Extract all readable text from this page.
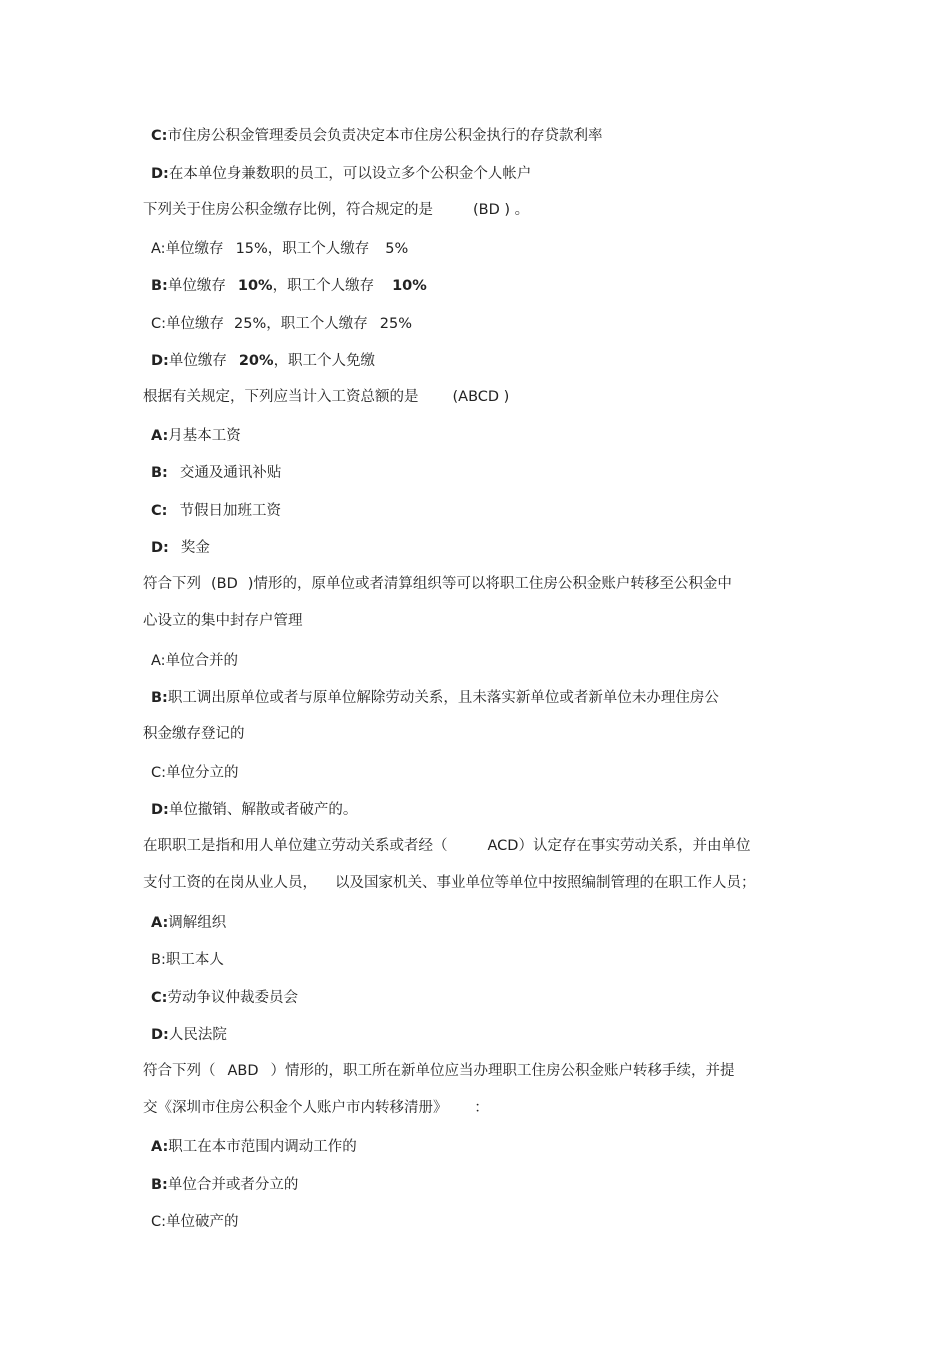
C:市住房公积金管理委员会负责决定本市住房公积金执行的存贷款利率
D:在本单位身兼数职的员工，可以设立多个公积金个人帐户
下列关于住房公积金缴存比例，符合规定的是	(BD ) 。
A:单位缴存 15%，职工个人缴存 5%
B:单位缴存 10%，职工个人缴存 10%
C:单位缴存 25%，职工个人缴存 25%
D:单位缴存 20%，职工个人免缴
根据有关规定，下列应当计入工资总额的是 (ABCD )
A:月基本工资
B: 交通及通讯补贴
C: 节假日加班工资
D: 奖金
符合下列 (BD )情形的，原单位或者清算组织等可以将职工住房公积金账户转移至公积金中
心设立的集中封存户管理
A:单位合并的
B:职工调出原单位或者与原单位解除劳动关系，且未落实新单位或者新单位未办理住房公
积金缴存登记的
C:单位分立的
D:单位撤销、解散或者破产的。
在职职工是指和用人单位建立劳动关系或者经（	ACD）认定存在事实劳动关系，并由单位
支付工资的在岗从业人员， 以及国家机关、事业单位等单位中按照编制管理的在职工作人员；
A:调解组织
B:职工本人
C:劳动争议仲裁委员会
D:人民法院
符合下列（ ABD ）情形的，职工所在新单位应当办理职工住房公积金账户转移手续，并提
交《深圳市住房公积金个人账户市内转移清册》 ：
A:职工在本市范围内调动工作的
B:单位合并或者分立的
C:单位破产的
